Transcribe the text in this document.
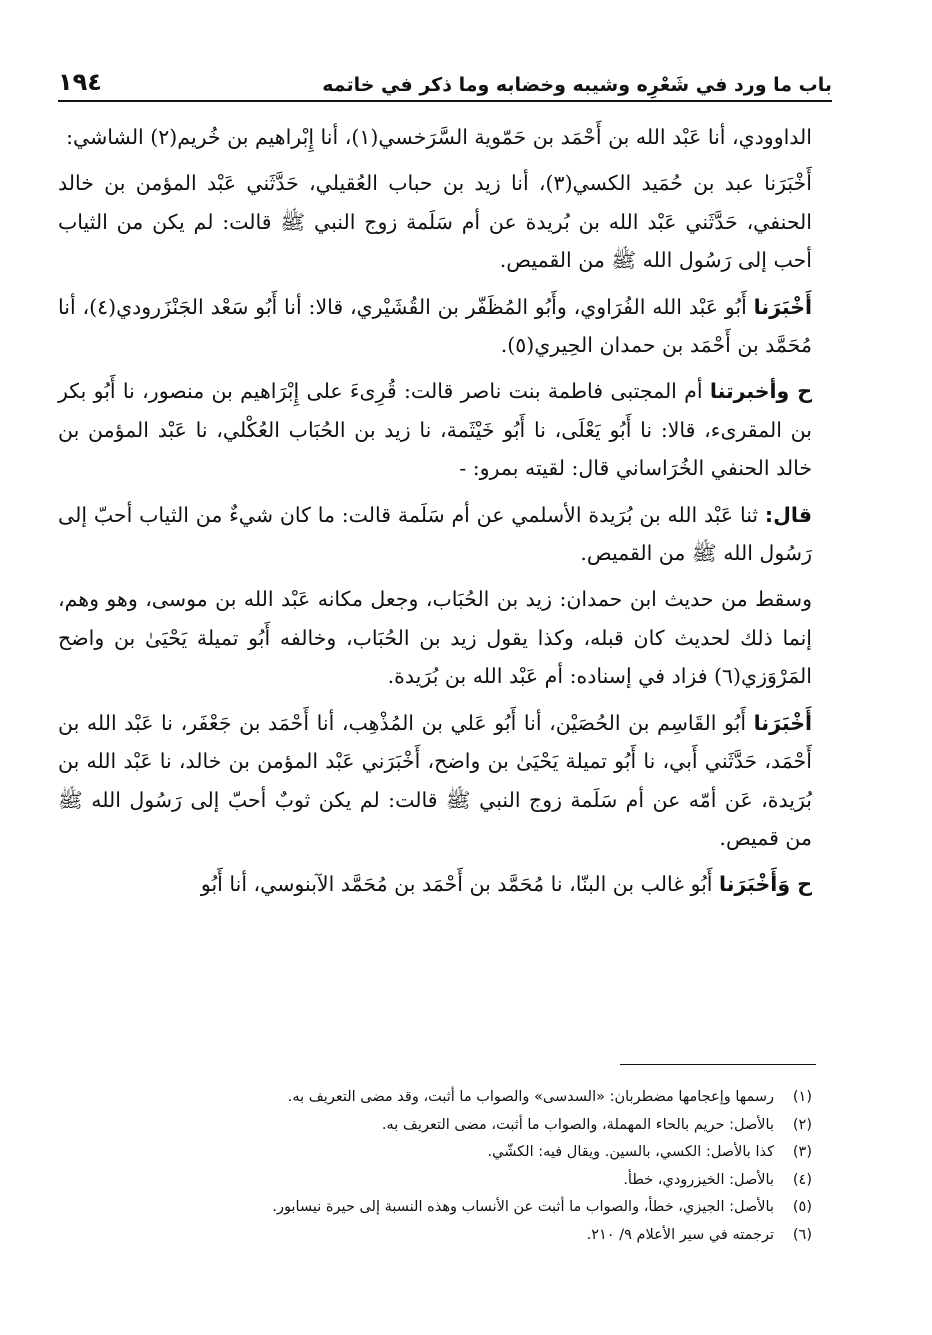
باب ما ورد في شَعْرِه وشيبه وخضابه وما ذكر في خاتمه
١٩٤

الداوودي، أنا عَبْد الله بن أَحْمَد بن حَمّوية السَّرَخسي(١)، أنا إِبْراهيم بن خُريم(٢) الشاشي:

أَخْبَرَنا عبد بن حُمَيد الكسي(٣)، أنا زيد بن حباب العُقيلي، حَدَّثَني عَبْد المؤمن بن خالد الحنفي، حَدَّثَني عَبْد الله بن بُريدة عن أم سَلَمة زوج النبي ﷺ قالت: لم يكن من الثياب أحب إلى رَسُول الله ﷺ من القميص.

أَخْبَرَنا أَبُو عَبْد الله الفُرَاوي، وأَبُو المُظَفّر بن القُشَيْري، قالا: أنا أَبُو سَعْد الجَنْزَرودي(٤)، أنا مُحَمَّد بن أَحْمَد بن حمدان الحِيري(٥).

ح وأخبرتنا أم المجتبى فاطمة بنت ناصر قالت: قُرِىءَ على إِبْرَاهيم بن منصور، نا أَبُو بكر بن المقرىء، قالا: نا أَبُو يَعْلَى، نا أَبُو خَيْثَمة، نا زيد بن الحُبَاب العُكْلي، نا عَبْد المؤمن بن خالد الحنفي الخُرَاساني قال: لقيته بمرو: -

قال: ثنا عَبْد الله بن بُرَيدة الأسلمي عن أم سَلَمة قالت: ما كان شيءٌ من الثياب أحبّ إلى رَسُول الله ﷺ من القميص.

وسقط من حديث ابن حمدان: زيد بن الحُبَاب، وجعل مكانه عَبْد الله بن موسى، وهو وهم، إنما ذلك لحديث كان قبله، وكذا يقول زيد بن الحُبَاب، وخالفه أَبُو تميلة يَحْيَىٰ بن واضح المَرْوَزي(٦) فزاد في إسناده: أم عَبْد الله بن بُرَيدة.

أَخْبَرَنا أَبُو القَاسِم بن الحُصَيْن، أنا أَبُو عَلي بن المُذْهِب، أنا أَحْمَد بن جَعْفَر، نا عَبْد الله بن أَحْمَد، حَدَّثَني أَبي، نا أَبُو تميلة يَحْيَىٰ بن واضح، أَخْبَرَني عَبْد المؤمن بن خالد، نا عَبْد الله بن بُرَيدة، عَن أمّه عن أم سَلَمة زوج النبي ﷺ قالت: لم يكن ثوبٌ أحبّ إلى رَسُول الله ﷺ من قميص.

ح وَأَخْبَرَنا أَبُو غالب بن البنّا، نا مُحَمَّد بن أَحْمَد بن مُحَمَّد الآبنوسي، أنا أَبُو

(١)
رسمها وإعجامها مضطربان: «السدسى» والصواب ما أثبت، وقد مضى التعريف به.

(٢)
بالأصل: حريم بالحاء المهملة، والصواب ما أثبت، مضى التعريف به.

(٣)
كذا بالأصل: الكسي، بالسين. ويقال فيه: الكشّي.

(٤)
بالأصل: الخيزرودي، خطأ.

(٥)
بالأصل: الجيزي، خطأ، والصواب ما أثبت عن الأنساب وهذه النسبة إلى حيرة نيسابور.

(٦)
ترجمته في سير الأعلام ٩/ ٢١٠.
